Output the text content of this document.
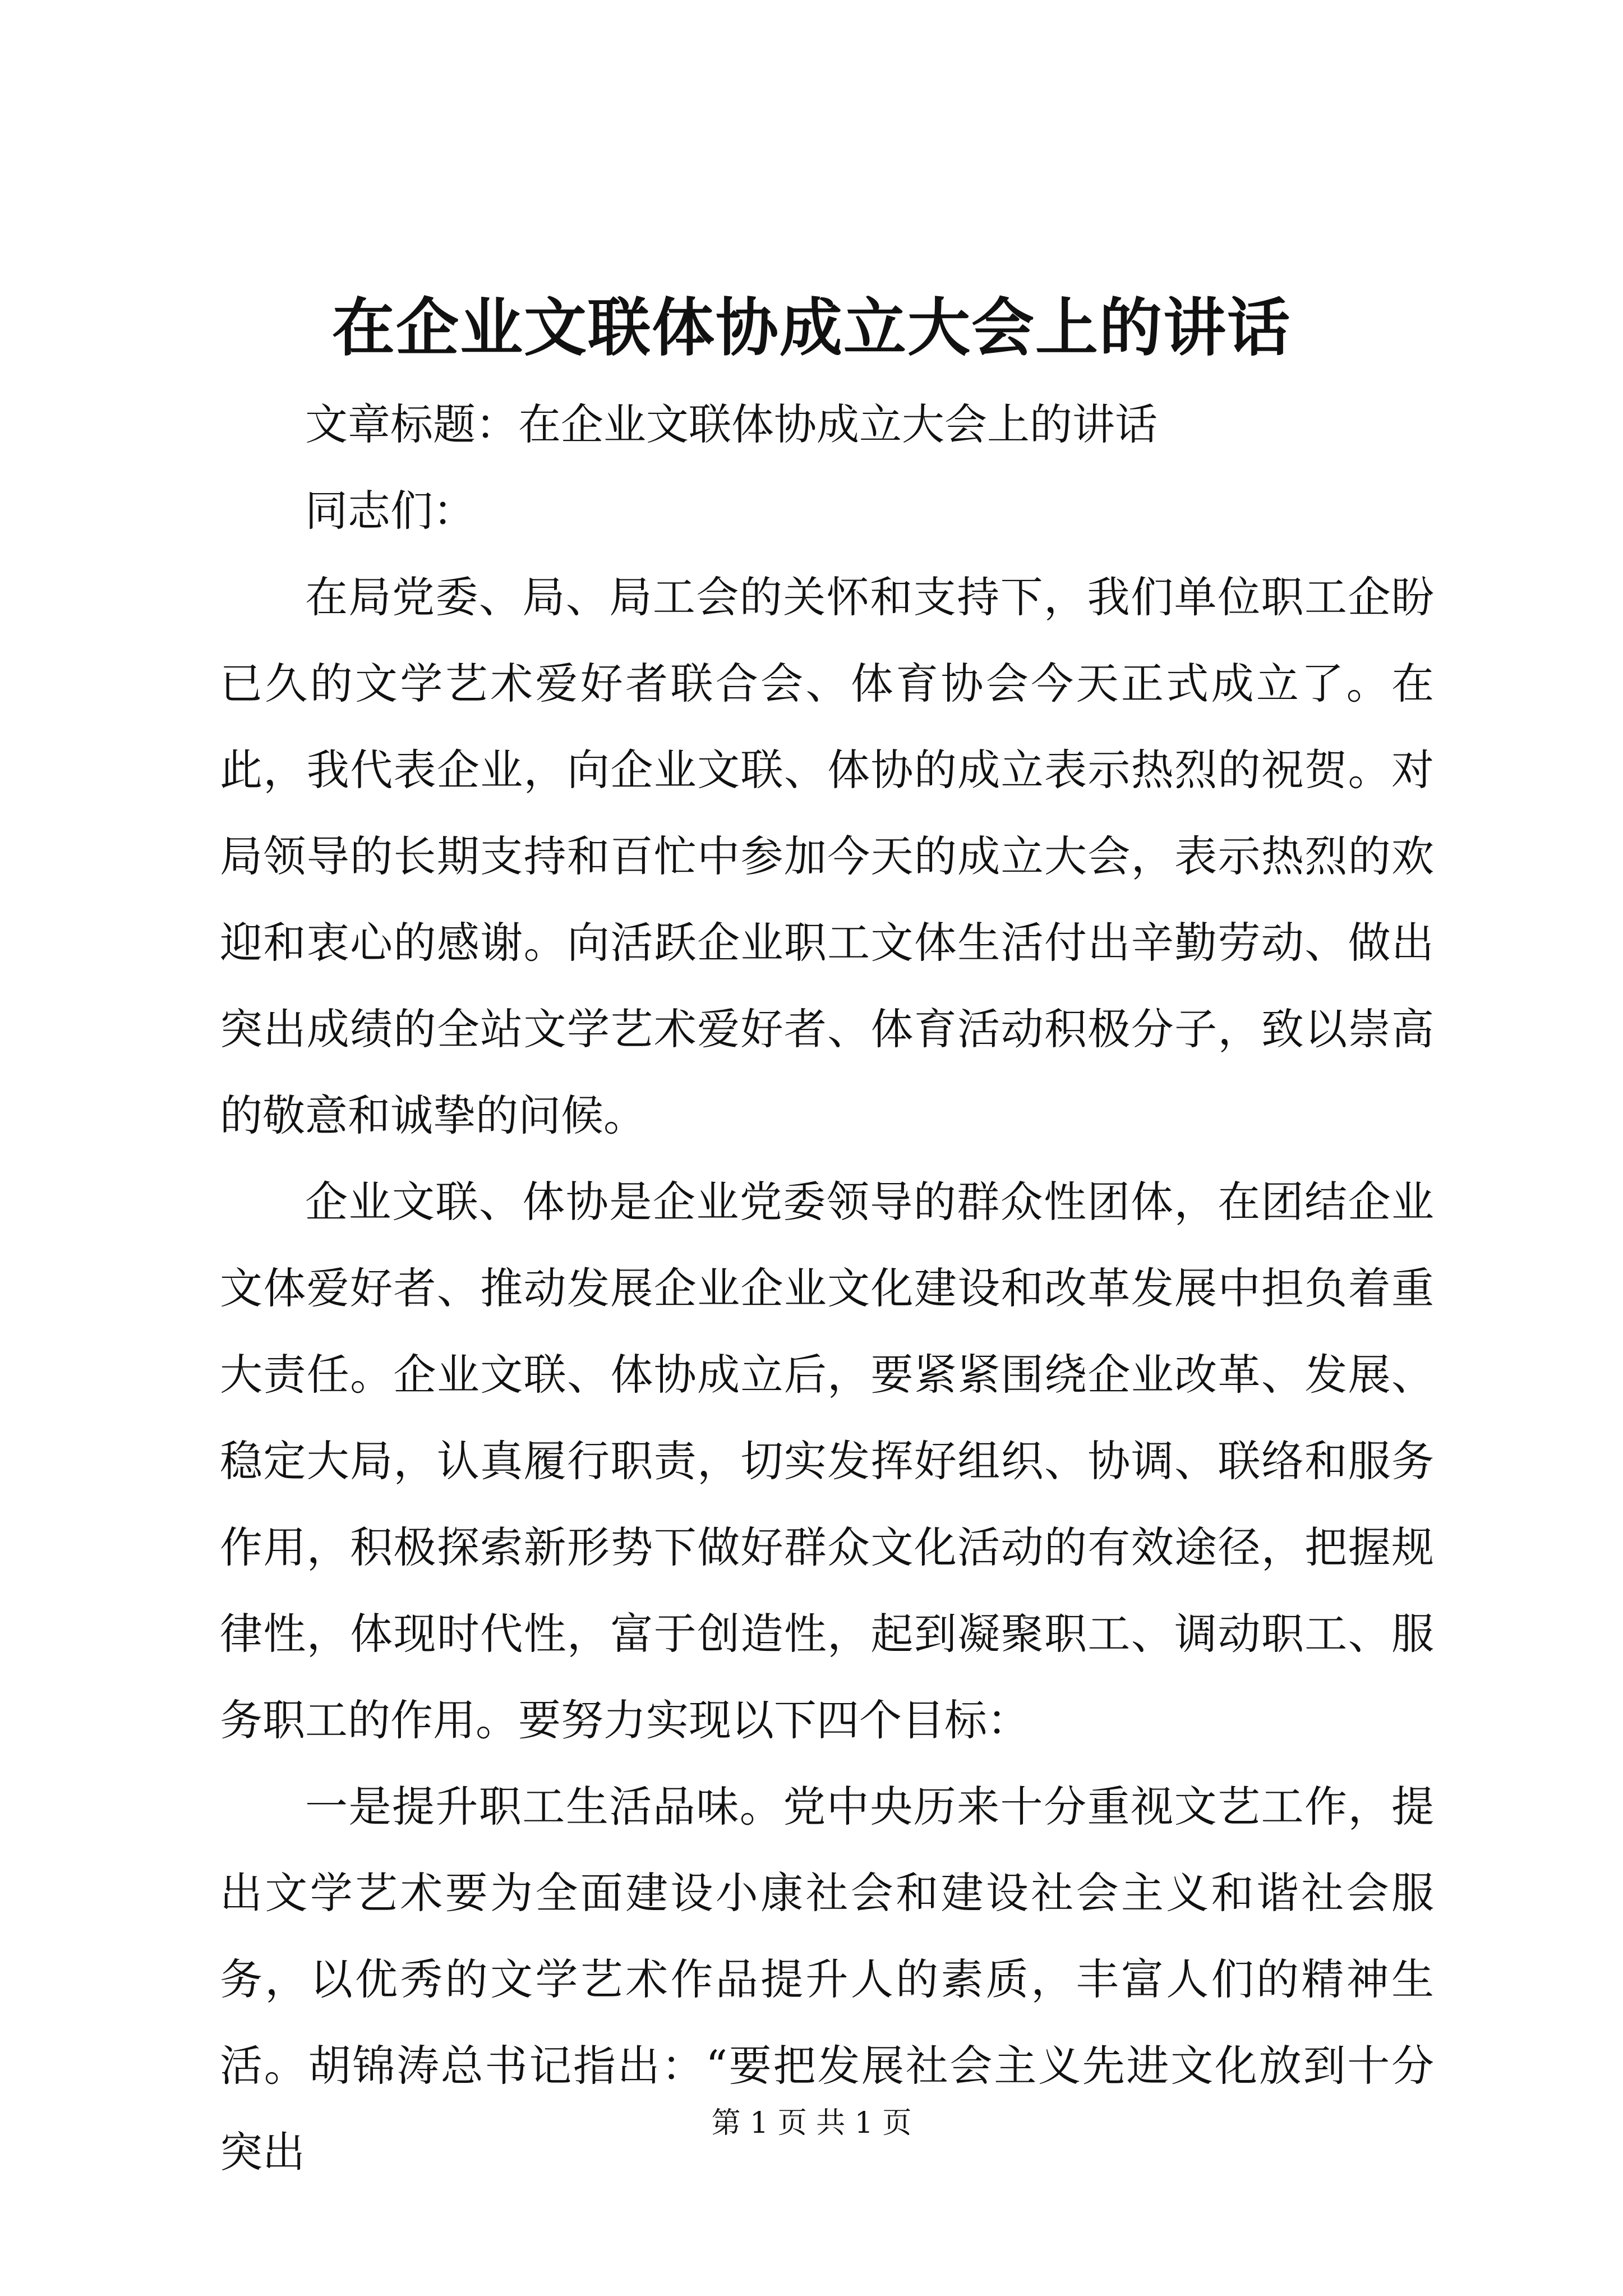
在企业文联体协成立大会上的讲话

文章标题：在企业文联体协成立大会上的讲话

同志们：

在局党委、局、局工会的关怀和支持下，我们单位职工企盼已久的文学艺术爱好者联合会、体育协会今天正式成立了。在此，我代表企业，向企业文联、体协的成立表示热烈的祝贺。对局领导的长期支持和百忙中参加今天的成立大会，表示热烈的欢迎和衷心的感谢。向活跃企业职工文体生活付出辛勤劳动、做出突出成绩的全站文学艺术爱好者、体育活动积极分子，致以崇高的敬意和诚挚的问候。

企业文联、体协是企业党委领导的群众性团体，在团结企业文体爱好者、推动发展企业企业文化建设和改革发展中担负着重大责任。企业文联、体协成立后，要紧紧围绕企业改革、发展、稳定大局，认真履行职责，切实发挥好组织、协调、联络和服务作用，积极探索新形势下做好群众文化活动的有效途径，把握规律性，体现时代性，富于创造性，起到凝聚职工、调动职工、服务职工的作用。要努力实现以下四个目标：

一是提升职工生活品味。党中央历来十分重视文艺工作，提出文学艺术要为全面建设小康社会和建设社会主义和谐社会服务，以优秀的文学艺术作品提升人的素质，丰富人们的精神生活。胡锦涛总书记指出：“要把发展社会主义先进文化放到十分突出

第 1 页 共 1 页
